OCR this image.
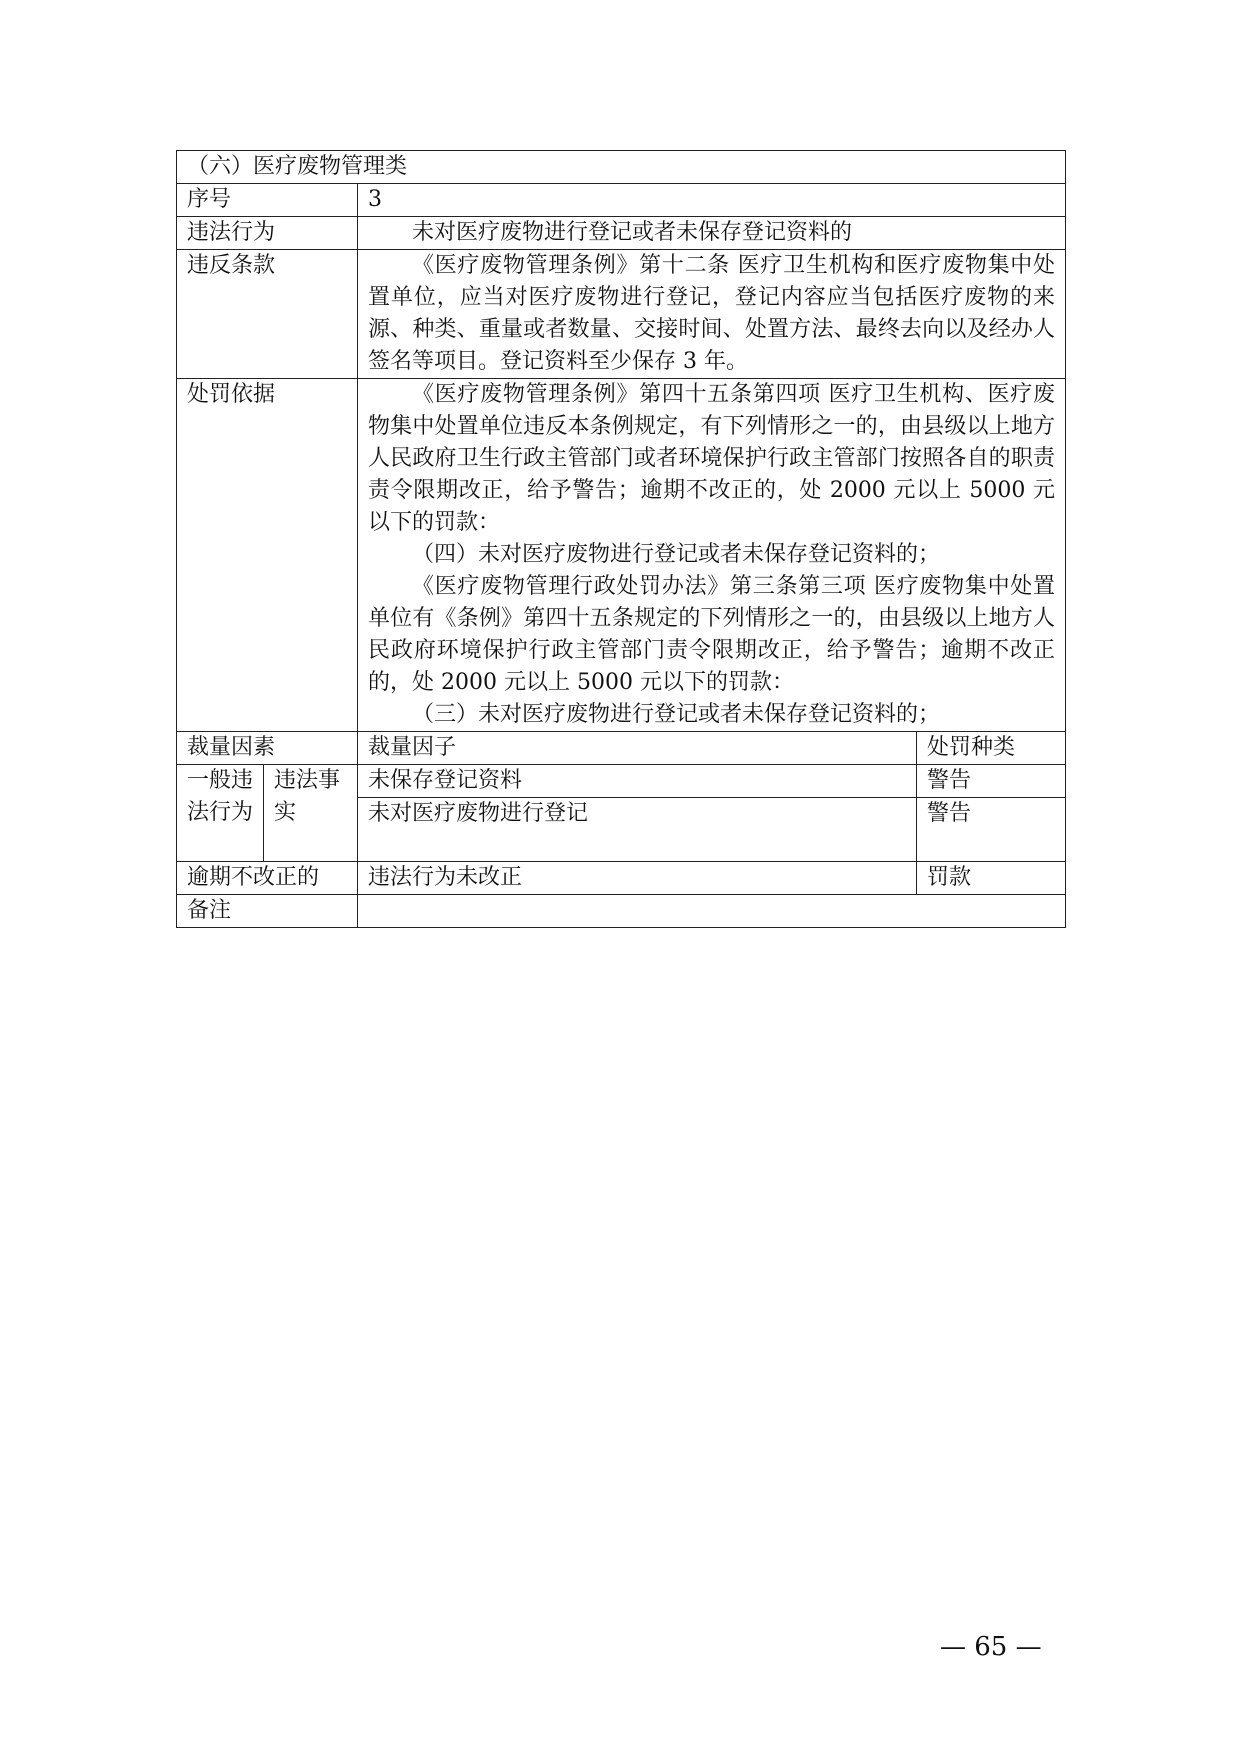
（六）医疗废物管理类			
序号		3	
违法行为		未对医疗废物进行登记或者未保存登记资料的	
违反条款		《医疗废物管理条例》第十二条 医疗卫生机构和医疗废物集中处置单位，应当对医疗废物进行登记，登记内容应当包括医疗废物的来源、种类、重量或者数量、交接时间、处置方法、最终去向以及经办人签名等项目。登记资料至少保存 3 年。	
处罚依据		《医疗废物管理条例》第四十五条第四项 医疗卫生机构、医疗废物集中处置单位违反本条例规定，有下列情形之一的，由县级以上地方人民政府卫生行政主管部门或者环境保护行政主管部门按照各自的职责责令限期改正，给予警告；逾期不改正的，处 2000 元以上 5000 元以下的罚款：

（四）未对医疗废物进行登记或者未保存登记资料的；

《医疗废物管理行政处罚办法》第三条第三项 医疗废物集中处置单位有《条例》第四十五条规定的下列情形之一的，由县级以上地方人民政府环境保护行政主管部门责令限期改正，给予警告；逾期不改正的，处 2000 元以上 5000 元以下的罚款：

（三）未对医疗废物进行登记或者未保存登记资料的；	

裁量因素		裁量因子	处罚种类
一般违法行为	违法事实	未保存登记资料	警告
		未对医疗废物进行登记	警告
逾期不改正的		违法行为未改正	罚款
备注			
— 65 —
